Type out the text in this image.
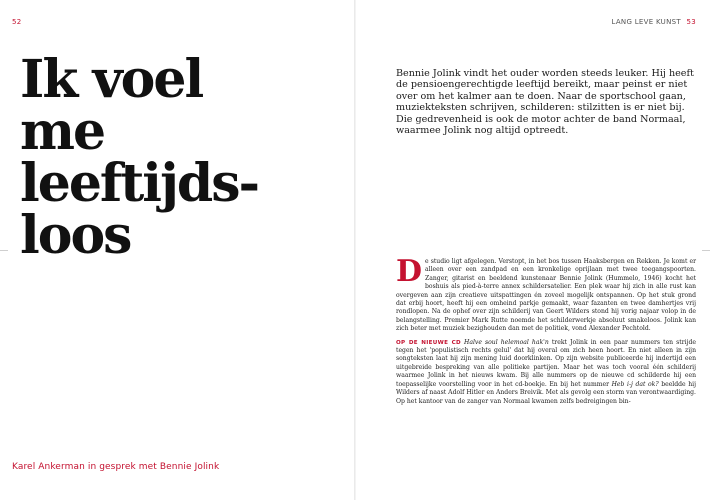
52
Ik voel
me
leeftijds-
loos
Karel Ankerman in gesprek met Bennie Jolink
LANG LEVE KUNST 53

Bennie Jolink vindt het ouder worden steeds leuker. Hij heeft de pensioengerechtigde leeftijd bereikt, maar peinst er niet over om het kalmer aan te doen. Naar de sportschool gaan, muziekteksten schrijven, schilderen: stilzitten is er niet bij. Die gedrevenheid is ook de motor achter de band Normaal, waarmee Jolink nog altijd optreedt.

D e studio ligt afgelegen. Verstopt, in het bos tussen Haaksbergen en Rekken. Je komt er alleen over een zandpad en een kronkelige oprijlaan met twee toegangspoorten. Zanger, gitarist en beeldend kunstenaar Bennie Jolink (Hummelo, 1946) kocht het boshuis als pied-à-terre annex schildersatelier. Een plek waar hij zich in alle rust kan overgeven aan zijn creatieve uitspattingen én zoveel mogelijk ontspannen. Op het stuk grond dat erbij hoort, heeft hij een omheind parkje gemaakt, waar fazanten en twee damhertjes vrij rondlopen. Na de ophef over zijn schilderij van Geert Wilders stond hij vorig najaar volop in de belangstelling. Premier Mark Rutte noemde het schilderwerkje absoluut smakeloos. Jolink kan zich beter met muziek bezighouden dan met de politiek, vond Alexander Pechtold.

OP DE NIEUWE CD Halve soul helemoal hak'n trekt Jolink in een paar nummers ten strijde tegen het 'populistisch rechts gelul' dat hij overal om zich heen hoort. En niet alleen in zijn songteksten laat hij zijn mening luid doorklinken. Op zijn website publiceerde hij indertijd een uitgebreide bespreking van alle politieke partijen. Maar het was toch vooral één schilderij waarmee Jolink in het nieuws kwam. Bij alle nummers op de nieuwe cd schilderde hij een toepasselijke voorstelling voor in het cd-boekje. En bij het nummer Heb i-j dat ok? beeldde hij Wilders af naast Adolf Hitler en Anders Breivik. Met als gevolg een storm van verontwaardiging. Op het kantoor van de zanger van Normaal kwamen zelfs bedreigingen bin-
